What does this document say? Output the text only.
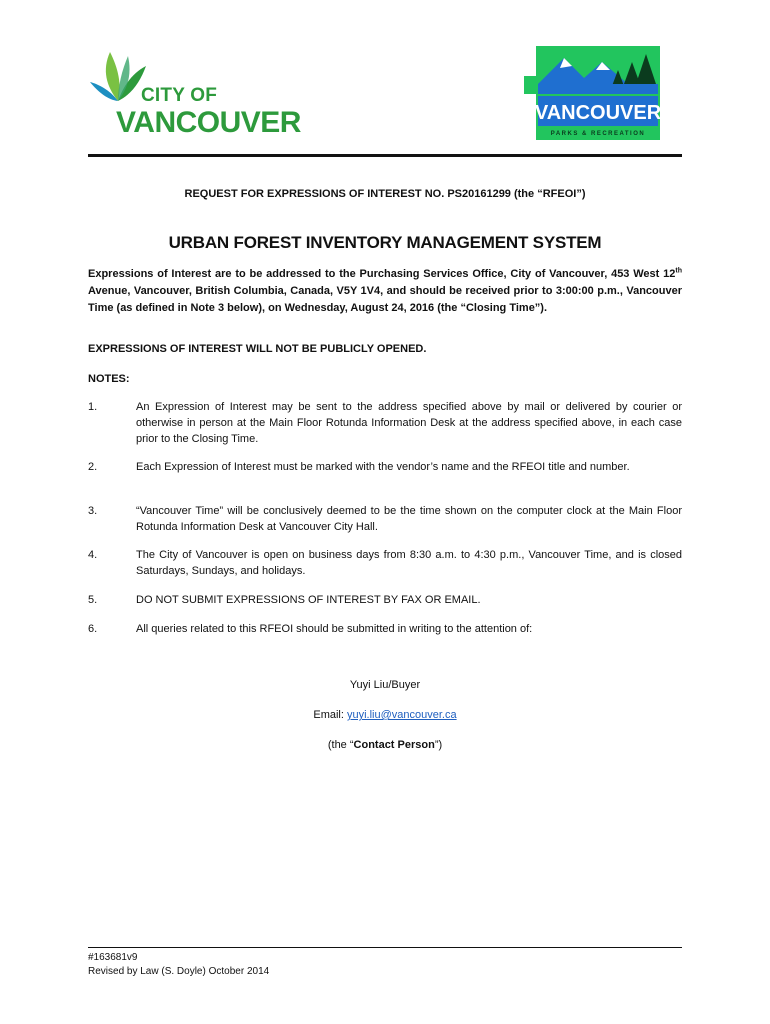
CITY OF
VANCOUVER	VANCOUVER
PARKS & RECREATION
REQUEST FOR EXPRESSIONS OF INTEREST NO. PS20161299 (the “RFEOI”)
URBAN FOREST INVENTORY MANAGEMENT SYSTEM
Expressions of Interest are to be addressed to the Purchasing Services Office, City of Vancouver, 453 West 12th Avenue, Vancouver, British Columbia, Canada, V5Y 1V4, and should be received prior to 3:00:00 p.m., Vancouver Time (as defined in Note 3 below), on Wednesday, August 24, 2016 (the “Closing Time”).
EXPRESSIONS OF INTEREST WILL NOT BE PUBLICLY OPENED.
NOTES:
1.	An Expression of Interest may be sent to the address specified above by mail or delivered by courier or otherwise in person at the Main Floor Rotunda Information Desk at the address specified above, in each case prior to the Closing Time.
2.	Each Expression of Interest must be marked with the vendor’s name and the RFEOI title and number.
3.	“Vancouver Time” will be conclusively deemed to be the time shown on the computer clock at the Main Floor Rotunda Information Desk at Vancouver City Hall.
4.	The City of Vancouver is open on business days from 8:30 a.m. to 4:30 p.m., Vancouver Time, and is closed Saturdays, Sundays, and holidays.
5.	DO NOT SUBMIT EXPRESSIONS OF INTEREST BY FAX OR EMAIL.
6.	All queries related to this RFEOI should be submitted in writing to the attention of:
Yuyi Liu/Buyer
Email: yuyi.liu@vancouver.ca
(the “Contact Person”)
#163681v9
Revised by Law (S. Doyle) October 2014
